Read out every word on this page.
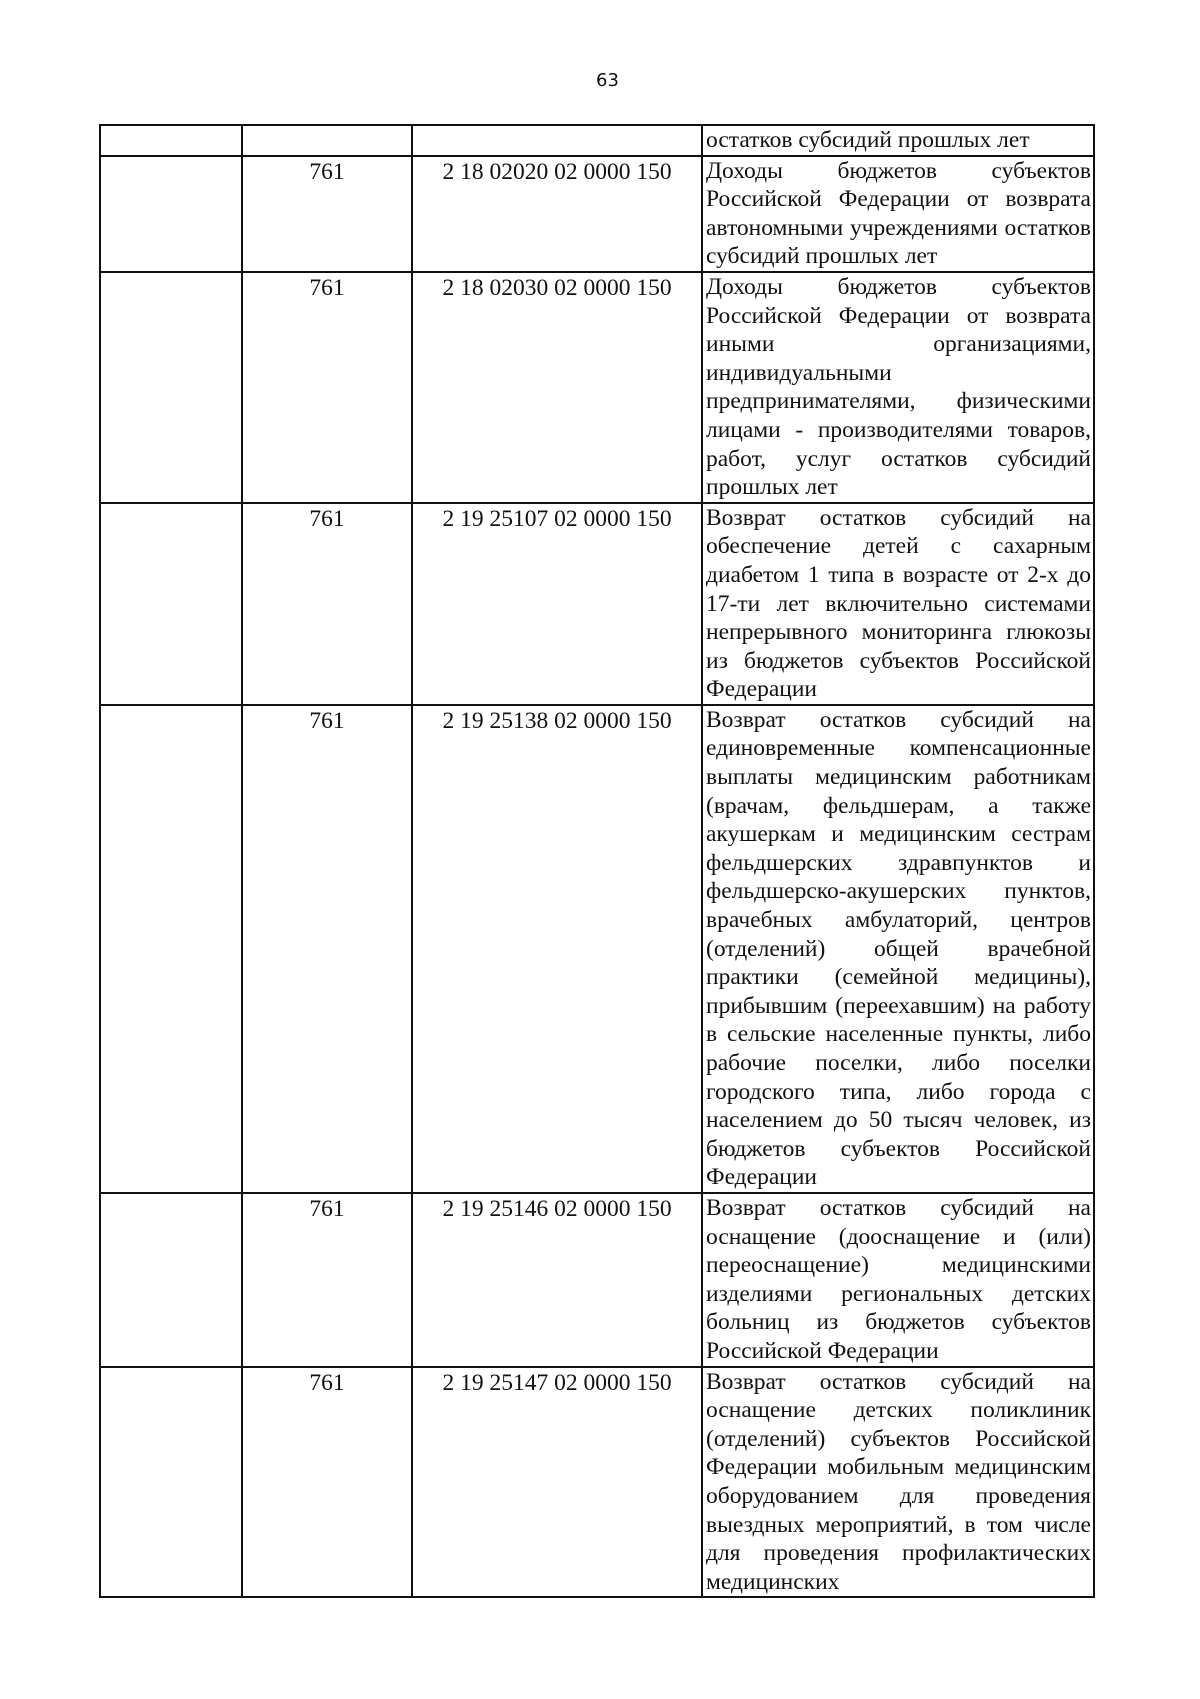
63

			остатков субсидий прошлых лет

	761	2 18 02020 02 0000 150	Доходы бюджетов субъектов Российской Федерации от возврата автономными учреждениями остатков субсидий прошлых лет

	761	2 18 02030 02 0000 150	Доходы бюджетов субъектов Российской Федерации от возврата иными организациями, индивидуальными предпринимателями, физическими лицами - производителями товаров, работ, услуг остатков субсидий прошлых лет

	761	2 19 25107 02 0000 150	Возврат остатков субсидий на обеспечение детей с сахарным диабетом 1 типа в возрасте от 2-х до 17-ти лет включительно системами непрерывного мониторинга глюкозы из бюджетов субъектов Российской Федерации

	761	2 19 25138 02 0000 150	Возврат остатков субсидий на единовременные компенсационные выплаты медицинским работникам (врачам, фельдшерам, а также акушеркам и медицинским сестрам фельдшерских здравпунктов и фельдшерско-акушерских пунктов, врачебных амбулаторий, центров (отделений) общей врачебной практики (семейной медицины), прибывшим (переехавшим) на работу в сельские населенные пункты, либо рабочие поселки, либо поселки городского типа, либо города с населением до 50 тысяч человек, из бюджетов субъектов Российской Федерации

	761	2 19 25146 02 0000 150	Возврат остатков субсидий на оснащение (дооснащение и (или) переоснащение) медицинскими изделиями региональных детских больниц из бюджетов субъектов Российской Федерации

	761	2 19 25147 02 0000 150	Возврат остатков субсидий на оснащение детских поликлиник (отделений) субъектов Российской Федерации мобильным медицинским оборудованием для проведения выездных мероприятий, в том числе для проведения профилактических медицинских
